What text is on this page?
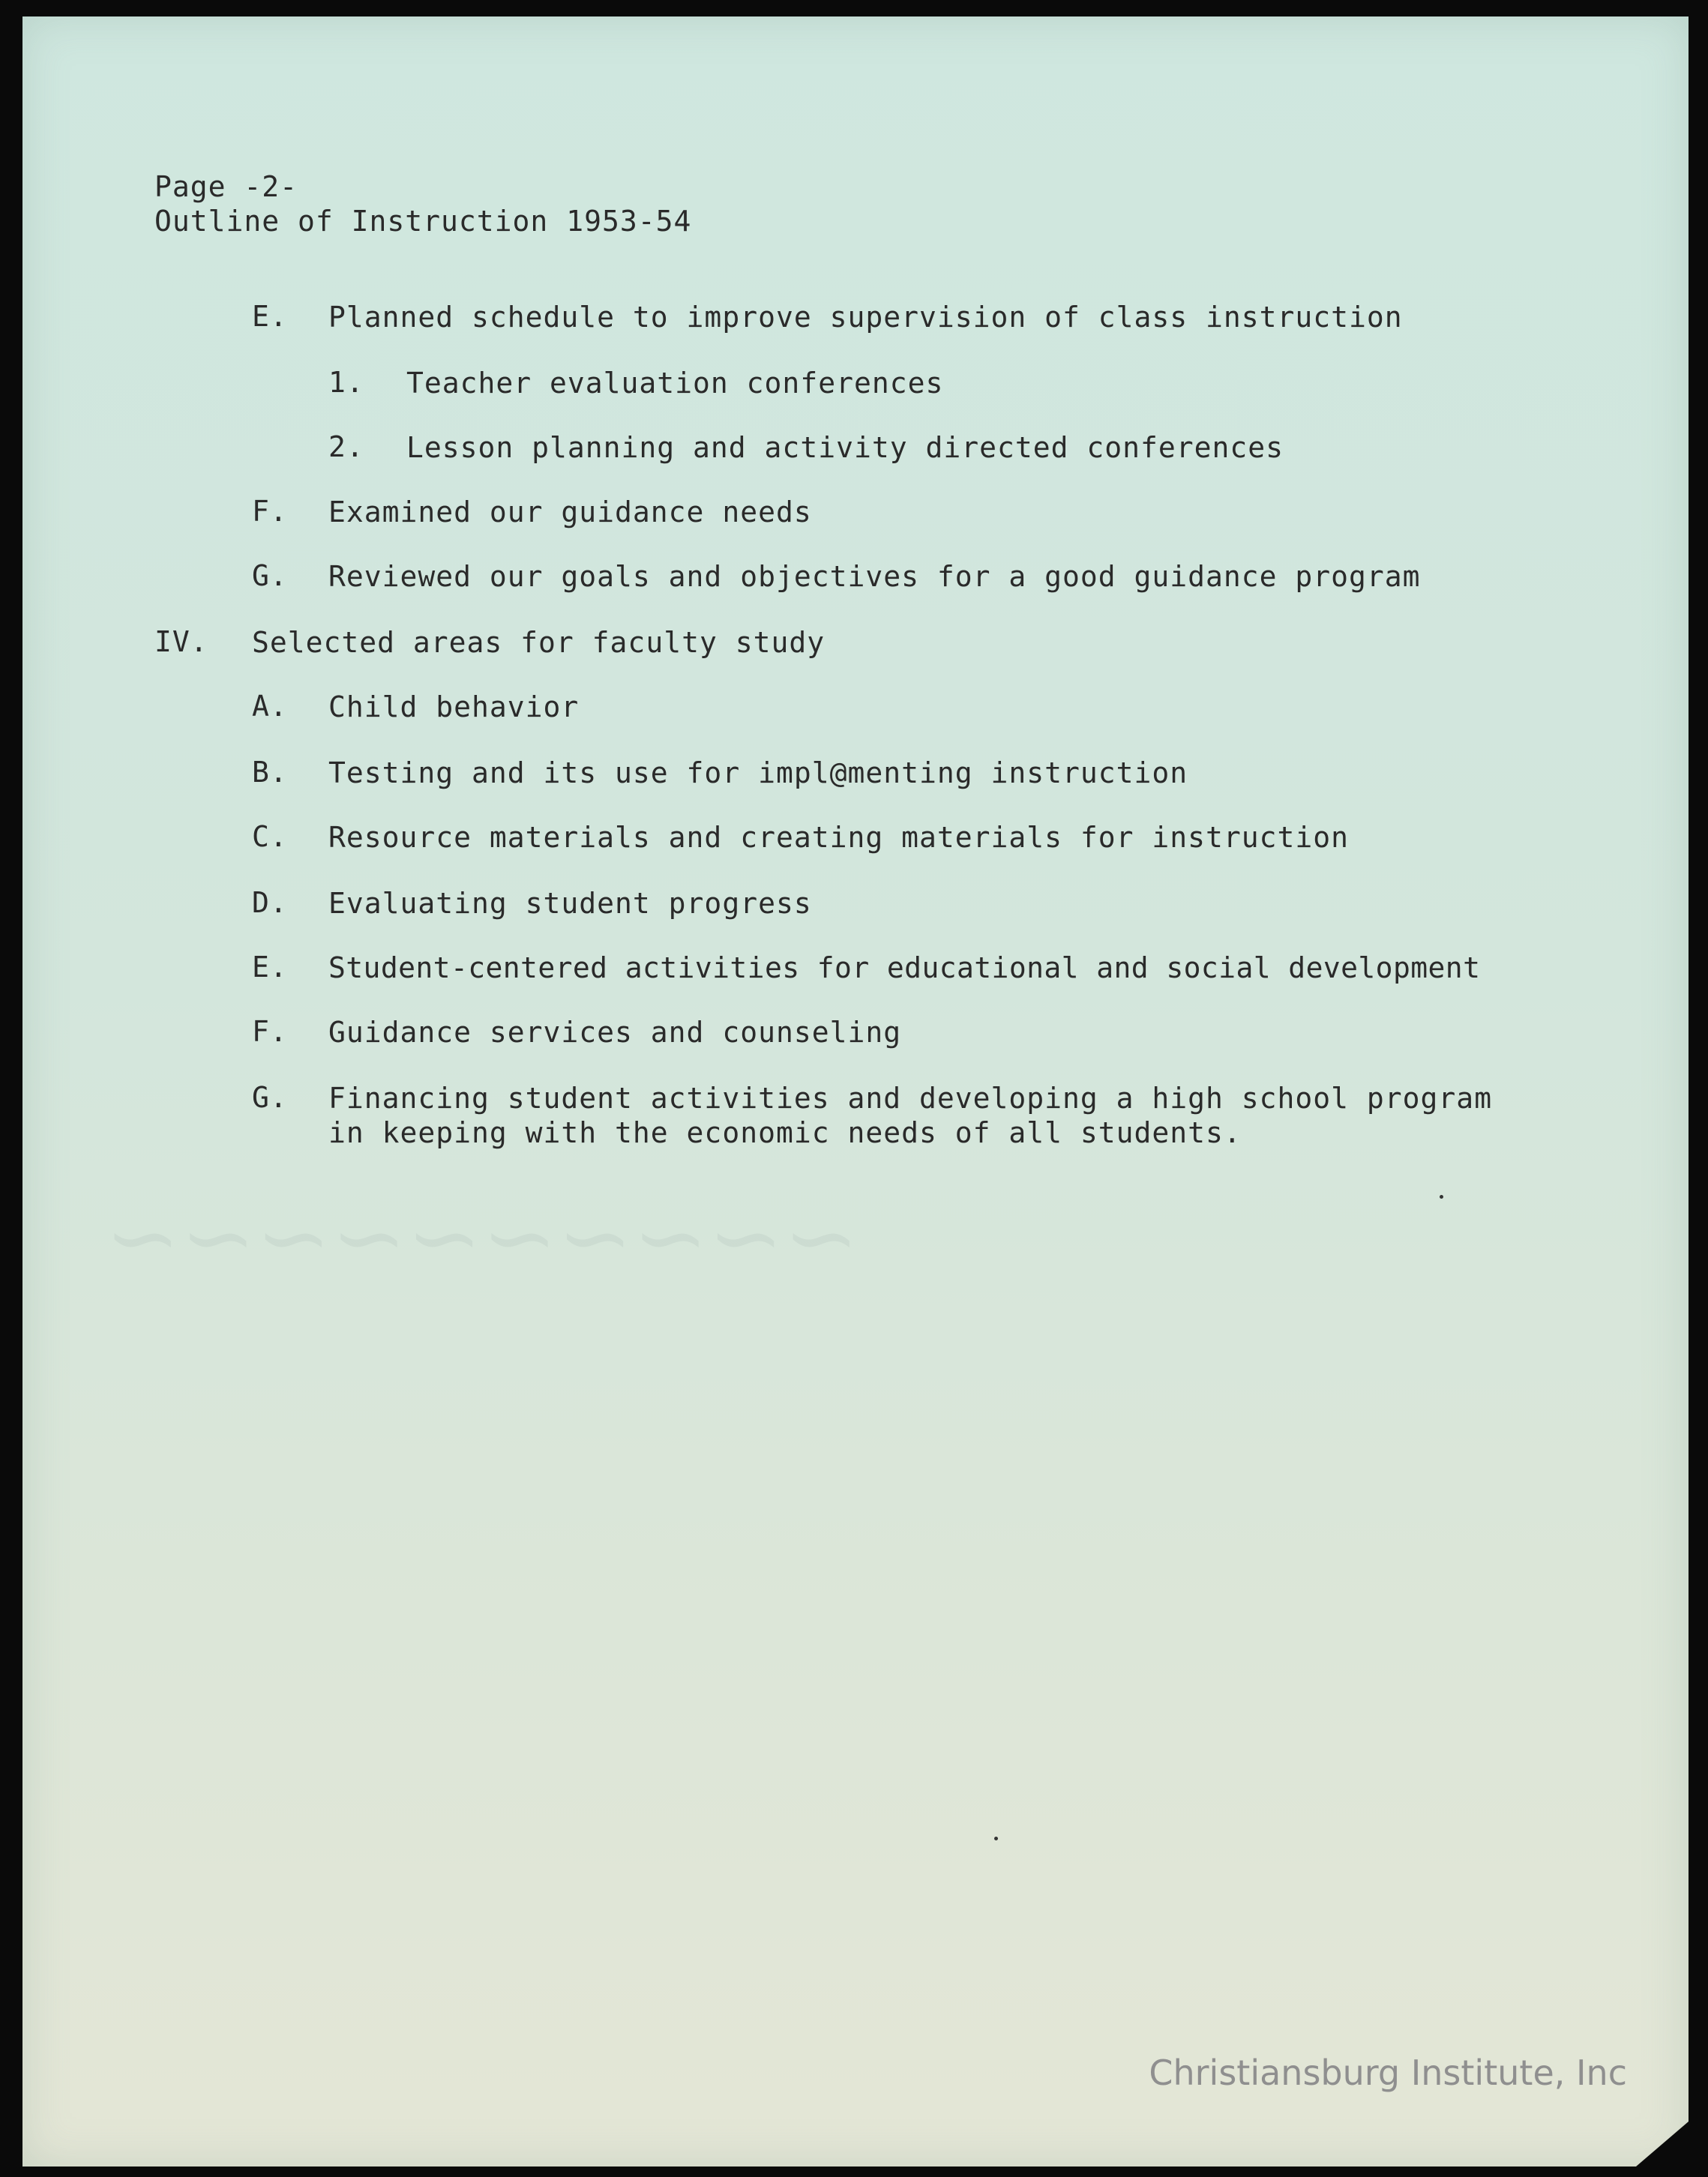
~~~~~~~~~~
Page -2-
Outline of Instruction 1953-54
E. Planned schedule to improve supervision of class instruction
1. Teacher evaluation conferences
2. Lesson planning and activity directed conferences
F. Examined our guidance needs
G. Reviewed our goals and objectives for a good guidance program
IV. Selected areas for faculty study
A. Child behavior
B. Testing and its use for impl@menting instruction
C. Resource materials and creating materials for instruction
D. Evaluating student progress
E. Student-centered activities for educational and social development
F. Guidance services and counseling
G. Financing student activities and developing a high school program
in keeping with the economic needs of all students.
Christiansburg Institute, Inc
